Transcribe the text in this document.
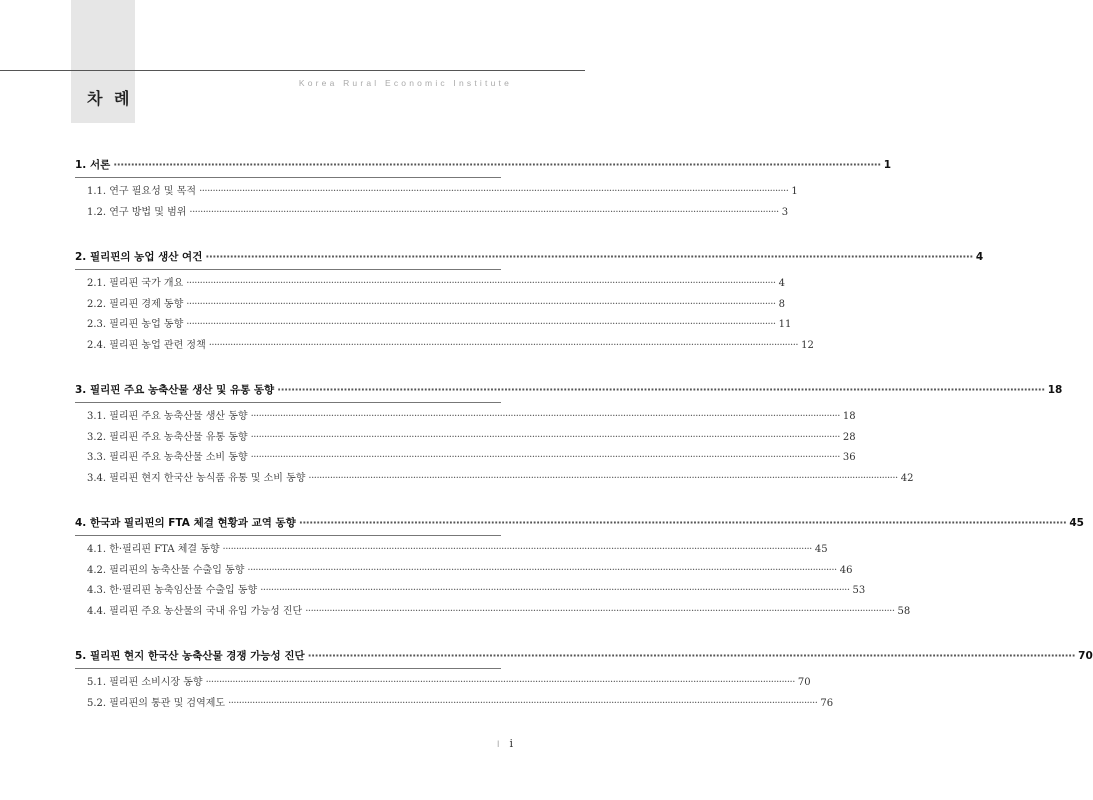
차 례
Korea Rural Economic Institute
1. 서론 ···························································································································································································································· 1
1.1. 연구 필요성 및 목적 ···························································································································································································································· 1
1.2. 연구 방법 및 범위 ···························································································································································································································· 3
2. 필리핀의 농업 생산 여건 ···························································································································································································································· 4
2.1. 필리핀 국가 개요 ···························································································································································································································· 4
2.2. 필리핀 경제 동향 ···························································································································································································································· 8
2.3. 필리핀 농업 동향 ···························································································································································································································· 11
2.4. 필리핀 농업 관련 정책 ···························································································································································································································· 12
3. 필리핀 주요 농축산물 생산 및 유통 동향 ···························································································································································································································· 18
3.1. 필리핀 주요 농축산물 생산 동향 ···························································································································································································································· 18
3.2. 필리핀 주요 농축산물 유통 동향 ···························································································································································································································· 28
3.3. 필리핀 주요 농축산물 소비 동향 ···························································································································································································································· 36
3.4. 필리핀 현지 한국산 농식품 유통 및 소비 동향 ···························································································································································································································· 42
4. 한국과 필리핀의 FTA 체결 현황과 교역 동향 ···························································································································································································································· 45
4.1. 한·필리핀 FTA 체결 동향 ···························································································································································································································· 45
4.2. 필리핀의 농축산물 수출입 동향 ···························································································································································································································· 46
4.3. 한·필리핀 농축임산물 수출입 동향 ···························································································································································································································· 53
4.4. 필리핀 주요 농산물의 국내 유입 가능성 진단 ···························································································································································································································· 58
5. 필리핀 현지 한국산 농축산물 경쟁 가능성 진단 ···························································································································································································································· 70
5.1. 필리핀 소비시장 동향 ···························································································································································································································· 70
5.2. 필리핀의 통관 및 검역제도 ···························································································································································································································· 76
I i
